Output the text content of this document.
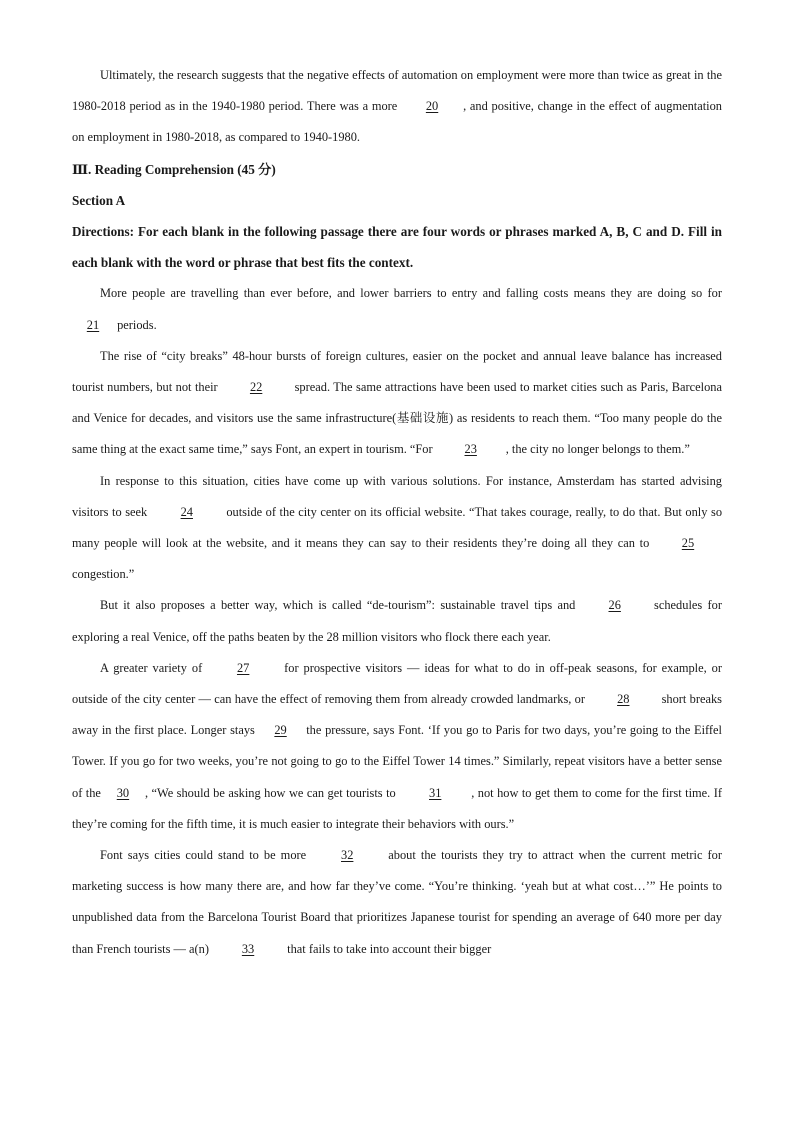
Ultimately, the research suggests that the negative effects of automation on employment were more than twice as great in the 1980-2018 period as in the 1940-1980 period. There was a more 20 , and positive, change in the effect of augmentation on employment in 1980-2018, as compared to 1940-1980.

Ⅲ. Reading Comprehension (45 分)

Section A

Directions: For each blank in the following passage there are four words or phrases marked A, B, C and D. Fill in each blank with the word or phrase that best fits the context.

More people are travelling than ever before, and lower barriers to entry and falling costs means they are doing so for 21 periods.

The rise of “city breaks” 48-hour bursts of foreign cultures, easier on the pocket and annual leave balance has increased tourist numbers, but not their 22 spread. The same attractions have been used to market cities such as Paris, Barcelona and Venice for decades, and visitors use the same infrastructure(基础设施) as residents to reach them. “Too many people do the same thing at the exact same time,” says Font, an expert in tourism. “For 23 , the city no longer belongs to them.”

In response to this situation, cities have come up with various solutions. For instance, Amsterdam has started advising visitors to seek 24 outside of the city center on its official website. “That takes courage, really, to do that. But only so many people will look at the website, and it means they can say to their residents they’re doing all they can to 25 congestion.”

But it also proposes a better way, which is called “de-tourism”: sustainable travel tips and 26 schedules for exploring a real Venice, off the paths beaten by the 28 million visitors who flock there each year.

A greater variety of 27 for prospective visitors — ideas for what to do in off-peak seasons, for example, or outside of the city center — can have the effect of removing them from already crowded landmarks, or 28 short breaks away in the first place. Longer stays 29 the pressure, says Font. ‘If you go to Paris for two days, you’re going to the Eiffel Tower. If you go for two weeks, you’re not going to go to the Eiffel Tower 14 times.” Similarly, repeat visitors have a better sense of the 30 , “We should be asking how we can get tourists to 31 , not how to get them to come for the first time. If they’re coming for the fifth time, it is much easier to integrate their behaviors with ours.”

Font says cities could stand to be more 32 about the tourists they try to attract when the current metric for marketing success is how many there are, and how far they’ve come. “You’re thinking. ‘yeah but at what cost…’” He points to unpublished data from the Barcelona Tourist Board that prioritizes Japanese tourist for spending an average of 640 more per day than French tourists — a(n) 33 that fails to take into account their bigger
